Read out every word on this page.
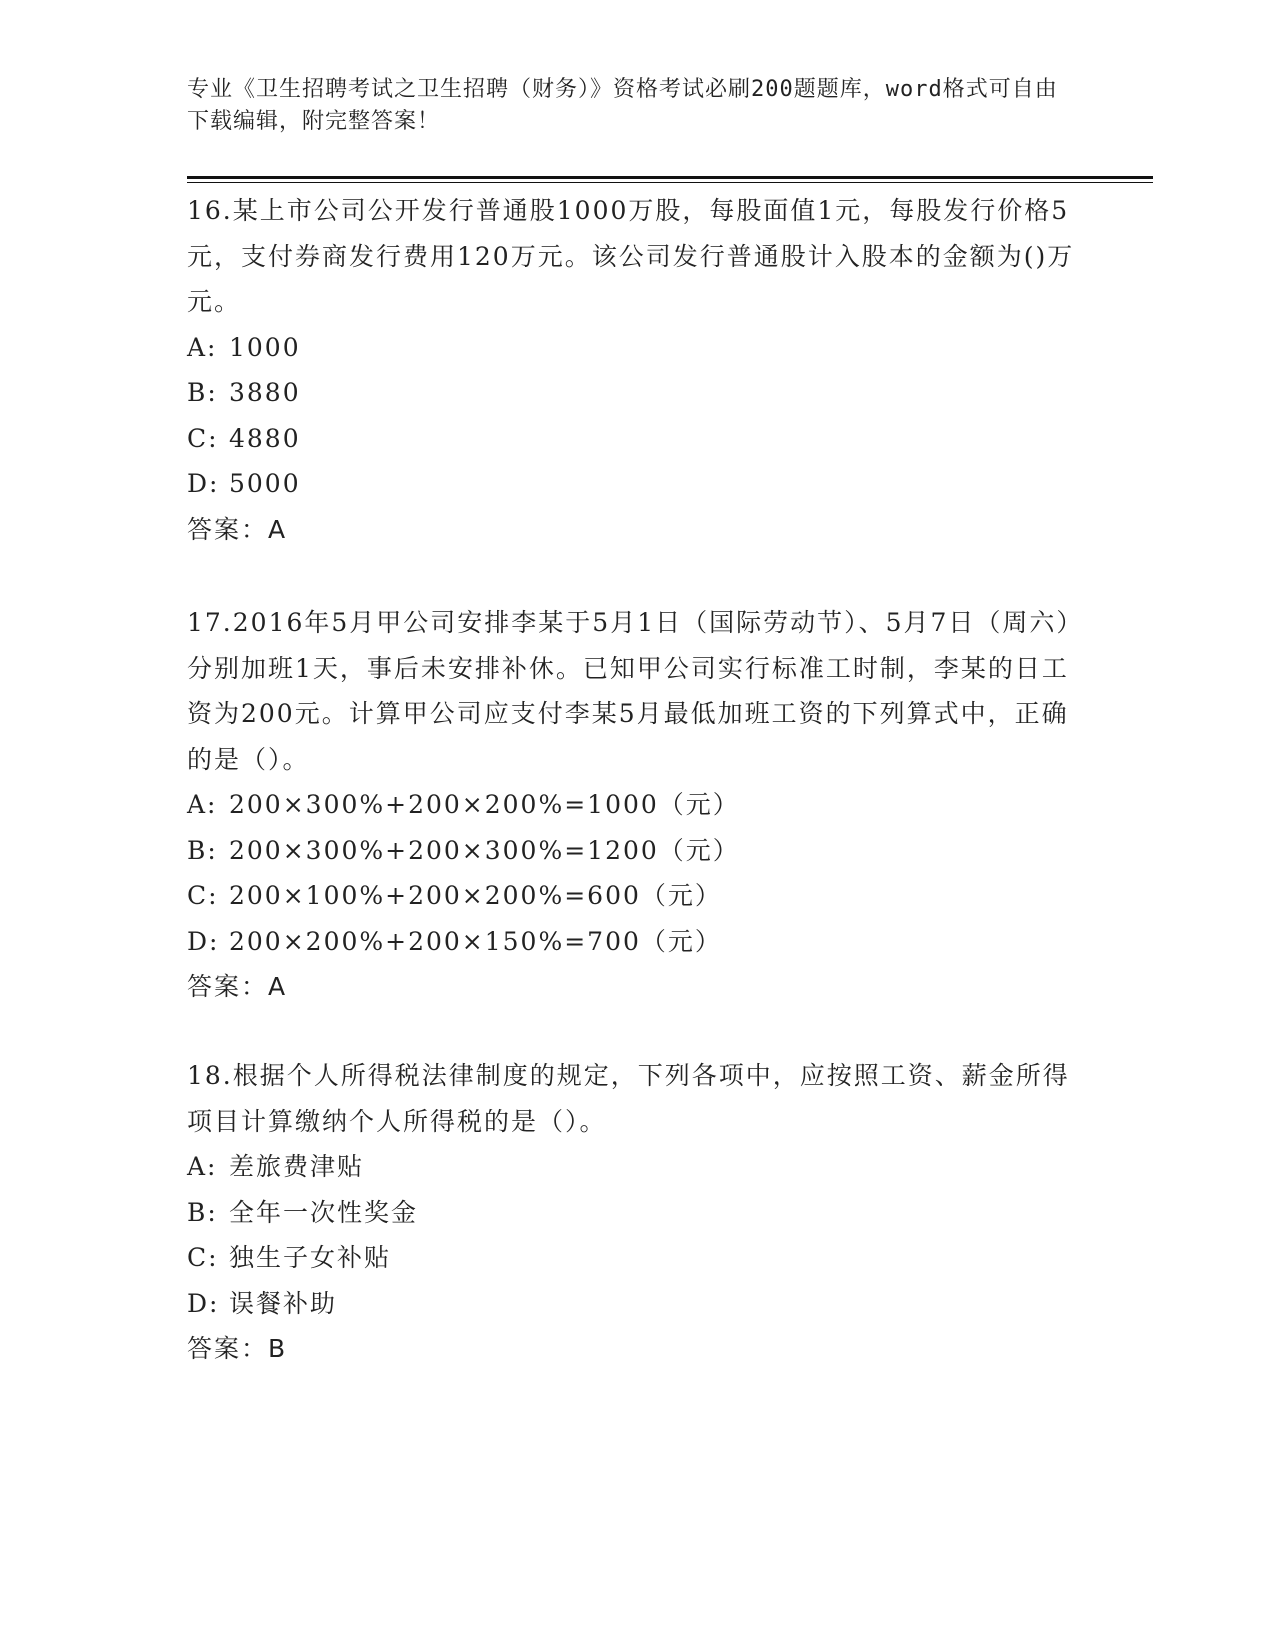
专业《卫生招聘考试之卫生招聘（财务）》资格考试必刷200题题库，word格式可自由下载编辑，附完整答案！
16.某上市公司公开发行普通股1000万股，每股面值1元，每股发行价格5元，支付券商发行费用120万元。该公司发行普通股计入股本的金额为()万元。
A: 1000
B: 3880
C: 4880
D: 5000
答案：A
17.2016年5月甲公司安排李某于5月1日（国际劳动节）、5月7日（周六）分别加班1天，事后未安排补休。已知甲公司实行标准工时制，李某的日工资为200元。计算甲公司应支付李某5月最低加班工资的下列算式中，正确的是（）。
A: 200×300%+200×200%=1000（元）
B: 200×300%+200×300%=1200（元）
C: 200×100%+200×200%=600（元）
D: 200×200%+200×150%=700（元）
答案：A
18.根据个人所得税法律制度的规定，下列各项中，应按照工资、薪金所得项目计算缴纳个人所得税的是（）。
A: 差旅费津贴
B: 全年一次性奖金
C: 独生子女补贴
D: 误餐补助
答案：B
